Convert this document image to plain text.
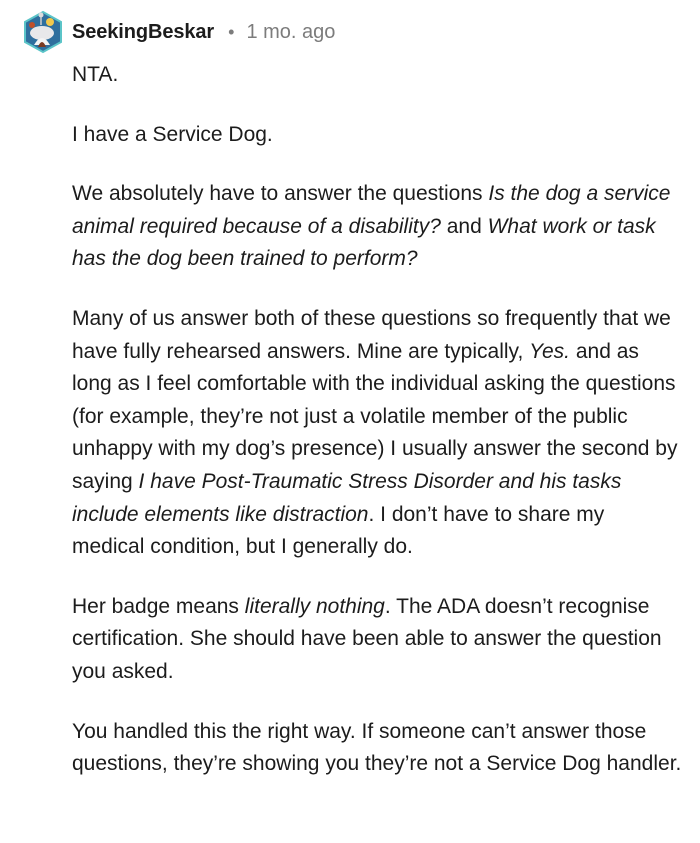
SeekingBeskar • 1 mo. ago

NTA.

I have a Service Dog.

We absolutely have to answer the questions Is the dog a service animal required because of a disability? and What work or task has the dog been trained to perform?

Many of us answer both of these questions so frequently that we have fully rehearsed answers. Mine are typically, Yes. and as long as I feel comfortable with the individual asking the questions (for example, they’re not just a volatile member of the public unhappy with my dog’s presence) I usually answer the second by saying I have Post-Traumatic Stress Disorder and his tasks include elements like distraction. I don’t have to share my medical condition, but I generally do.

Her badge means literally nothing. The ADA doesn’t recognise certification. She should have been able to answer the question you asked.

You handled this the right way. If someone can’t answer those questions, they’re showing you they’re not a Service Dog handler.
